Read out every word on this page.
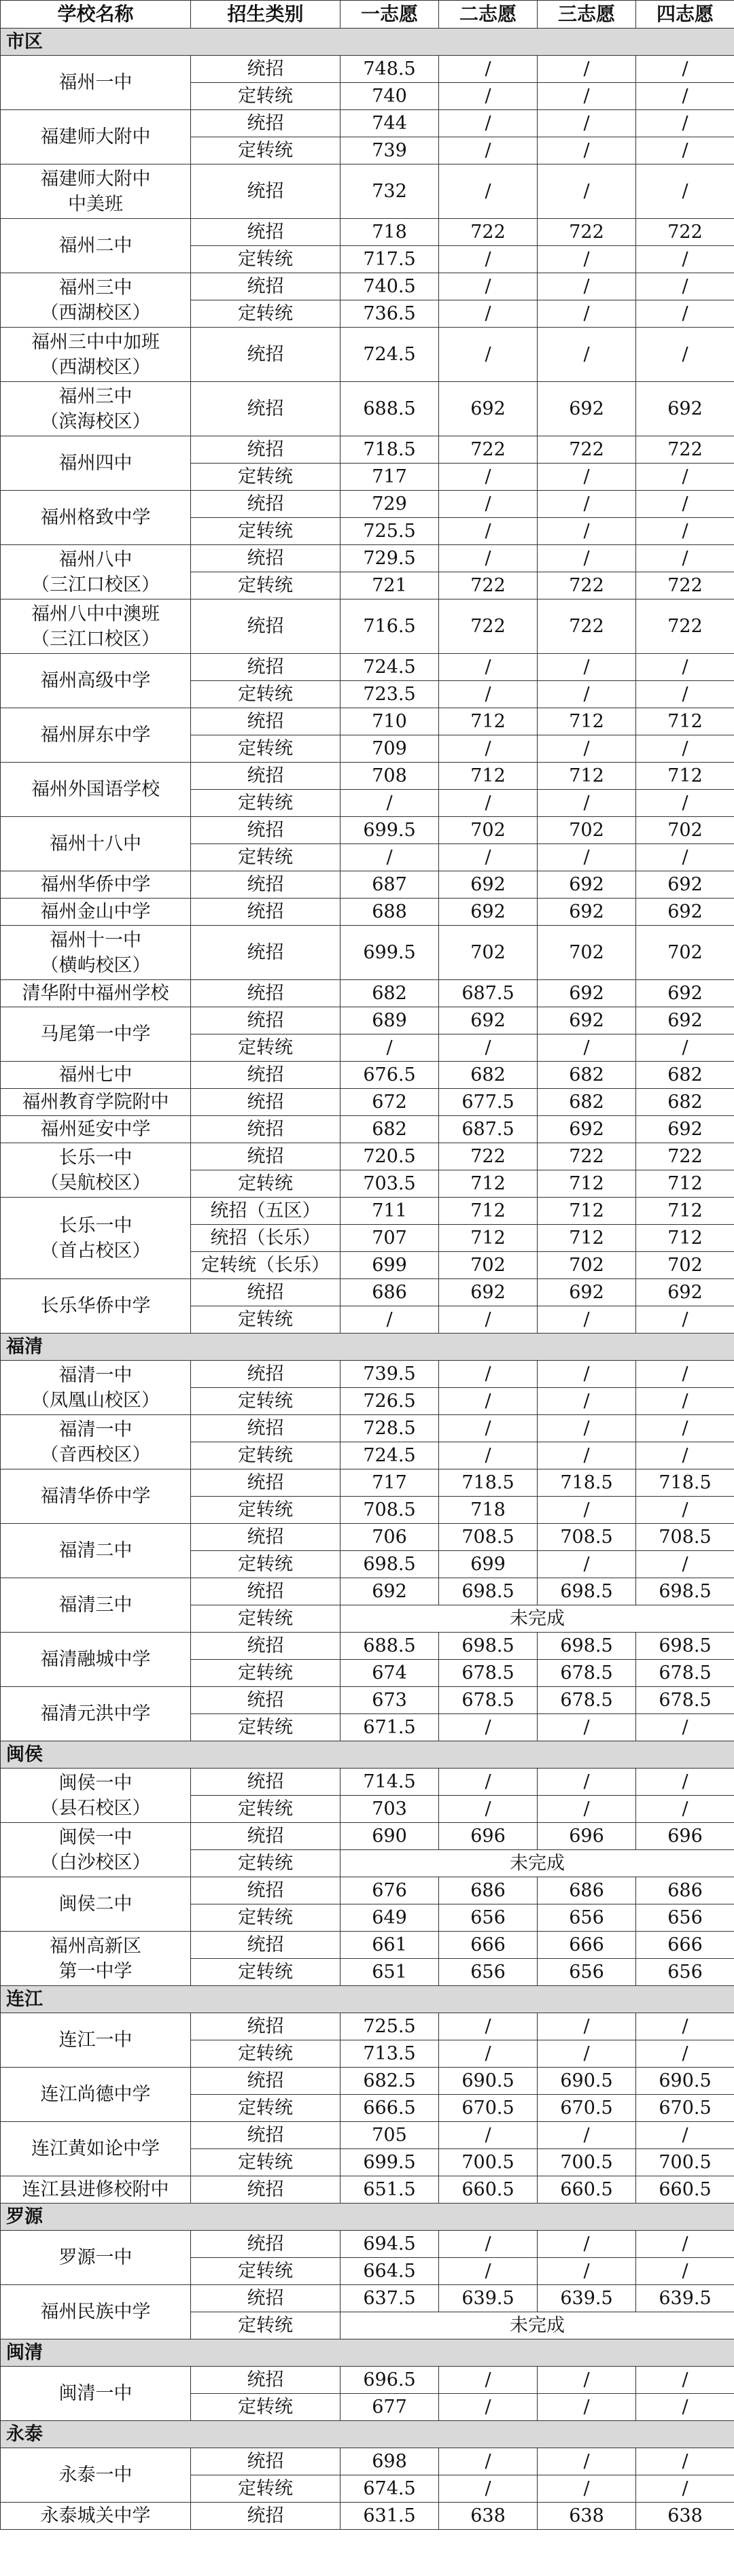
学校名称	招生类别	一志愿	二志愿	三志愿	四志愿
市区					

福州一中	统招	748.5	/	/	/
	定转统	740	/	/	/

福建师大附中	统招	744	/	/	/
	定转统	739	/	/	/

福建师大附中
中美班	统招	732	/	/	/

福州二中	统招	718	722	722	722
	定转统	717.5	/	/	/

福州三中
（西湖校区）	统招	740.5	/	/	/
	定转统	736.5	/	/	/

福州三中中加班
（西湖校区）	统招	724.5	/	/	/

福州三中
（滨海校区）	统招	688.5	692	692	692

福州四中	统招	718.5	722	722	722
	定转统	717	/	/	/

福州格致中学	统招	729	/	/	/
	定转统	725.5	/	/	/

福州八中
（三江口校区）	统招	729.5	/	/	/
	定转统	721	722	722	722

福州八中中澳班
（三江口校区）	统招	716.5	722	722	722

福州高级中学	统招	724.5	/	/	/
	定转统	723.5	/	/	/

福州屏东中学	统招	710	712	712	712
	定转统	709	/	/	/

福州外国语学校	统招	708	712	712	712
	定转统	/	/	/	/

福州十八中	统招	699.5	702	702	702
	定转统	/	/	/	/

福州华侨中学	统招	687	692	692	692

福州金山中学	统招	688	692	692	692

福州十一中
（横屿校区）	统招	699.5	702	702	702

清华附中福州学校	统招	682	687.5	692	692

马尾第一中学	统招	689	692	692	692
	定转统	/	/	/	/

福州七中	统招	676.5	682	682	682

福州教育学院附中	统招	672	677.5	682	682

福州延安中学	统招	682	687.5	692	692

长乐一中
（吴航校区）	统招	720.5	722	722	722
	定转统	703.5	712	712	712

长乐一中
（首占校区）	统招（五区）	711	712	712	712
	统招（长乐）	707	712	712	712
	定转统（长乐）	699	702	702	702

长乐华侨中学	统招	686	692	692	692
	定转统	/	/	/	/
福清					

福清一中
（凤凰山校区）	统招	739.5	/	/	/
	定转统	726.5	/	/	/

福清一中
（音西校区）	统招	728.5	/	/	/
	定转统	724.5	/	/	/

福清华侨中学	统招	717	718.5	718.5	718.5
	定转统	708.5	718	/	/

福清二中	统招	706	708.5	708.5	708.5
	定转统	698.5	699	/	/

福清三中	统招	692	698.5	698.5	698.5
	定转统	未完成			

福清融城中学	统招	688.5	698.5	698.5	698.5
	定转统	674	678.5	678.5	678.5

福清元洪中学	统招	673	678.5	678.5	678.5
	定转统	671.5	/	/	/
闽侯					

闽侯一中
（县石校区）	统招	714.5	/	/	/
	定转统	703	/	/	/

闽侯一中
（白沙校区）	统招	690	696	696	696
	定转统	未完成			

闽侯二中	统招	676	686	686	686
	定转统	649	656	656	656

福州高新区
第一中学	统招	661	666	666	666
	定转统	651	656	656	656
连江					

连江一中	统招	725.5	/	/	/
	定转统	713.5	/	/	/

连江尚德中学	统招	682.5	690.5	690.5	690.5
	定转统	666.5	670.5	670.5	670.5

连江黄如论中学	统招	705	/	/	/
	定转统	699.5	700.5	700.5	700.5

连江县进修校附中	统招	651.5	660.5	660.5	660.5
罗源					

罗源一中	统招	694.5	/	/	/
	定转统	664.5	/	/	/

福州民族中学	统招	637.5	639.5	639.5	639.5
	定转统	未完成			
闽清					

闽清一中	统招	696.5	/	/	/
	定转统	677	/	/	/
永泰					

永泰一中	统招	698	/	/	/
	定转统	674.5	/	/	/

永泰城关中学	统招	631.5	638	638	638
